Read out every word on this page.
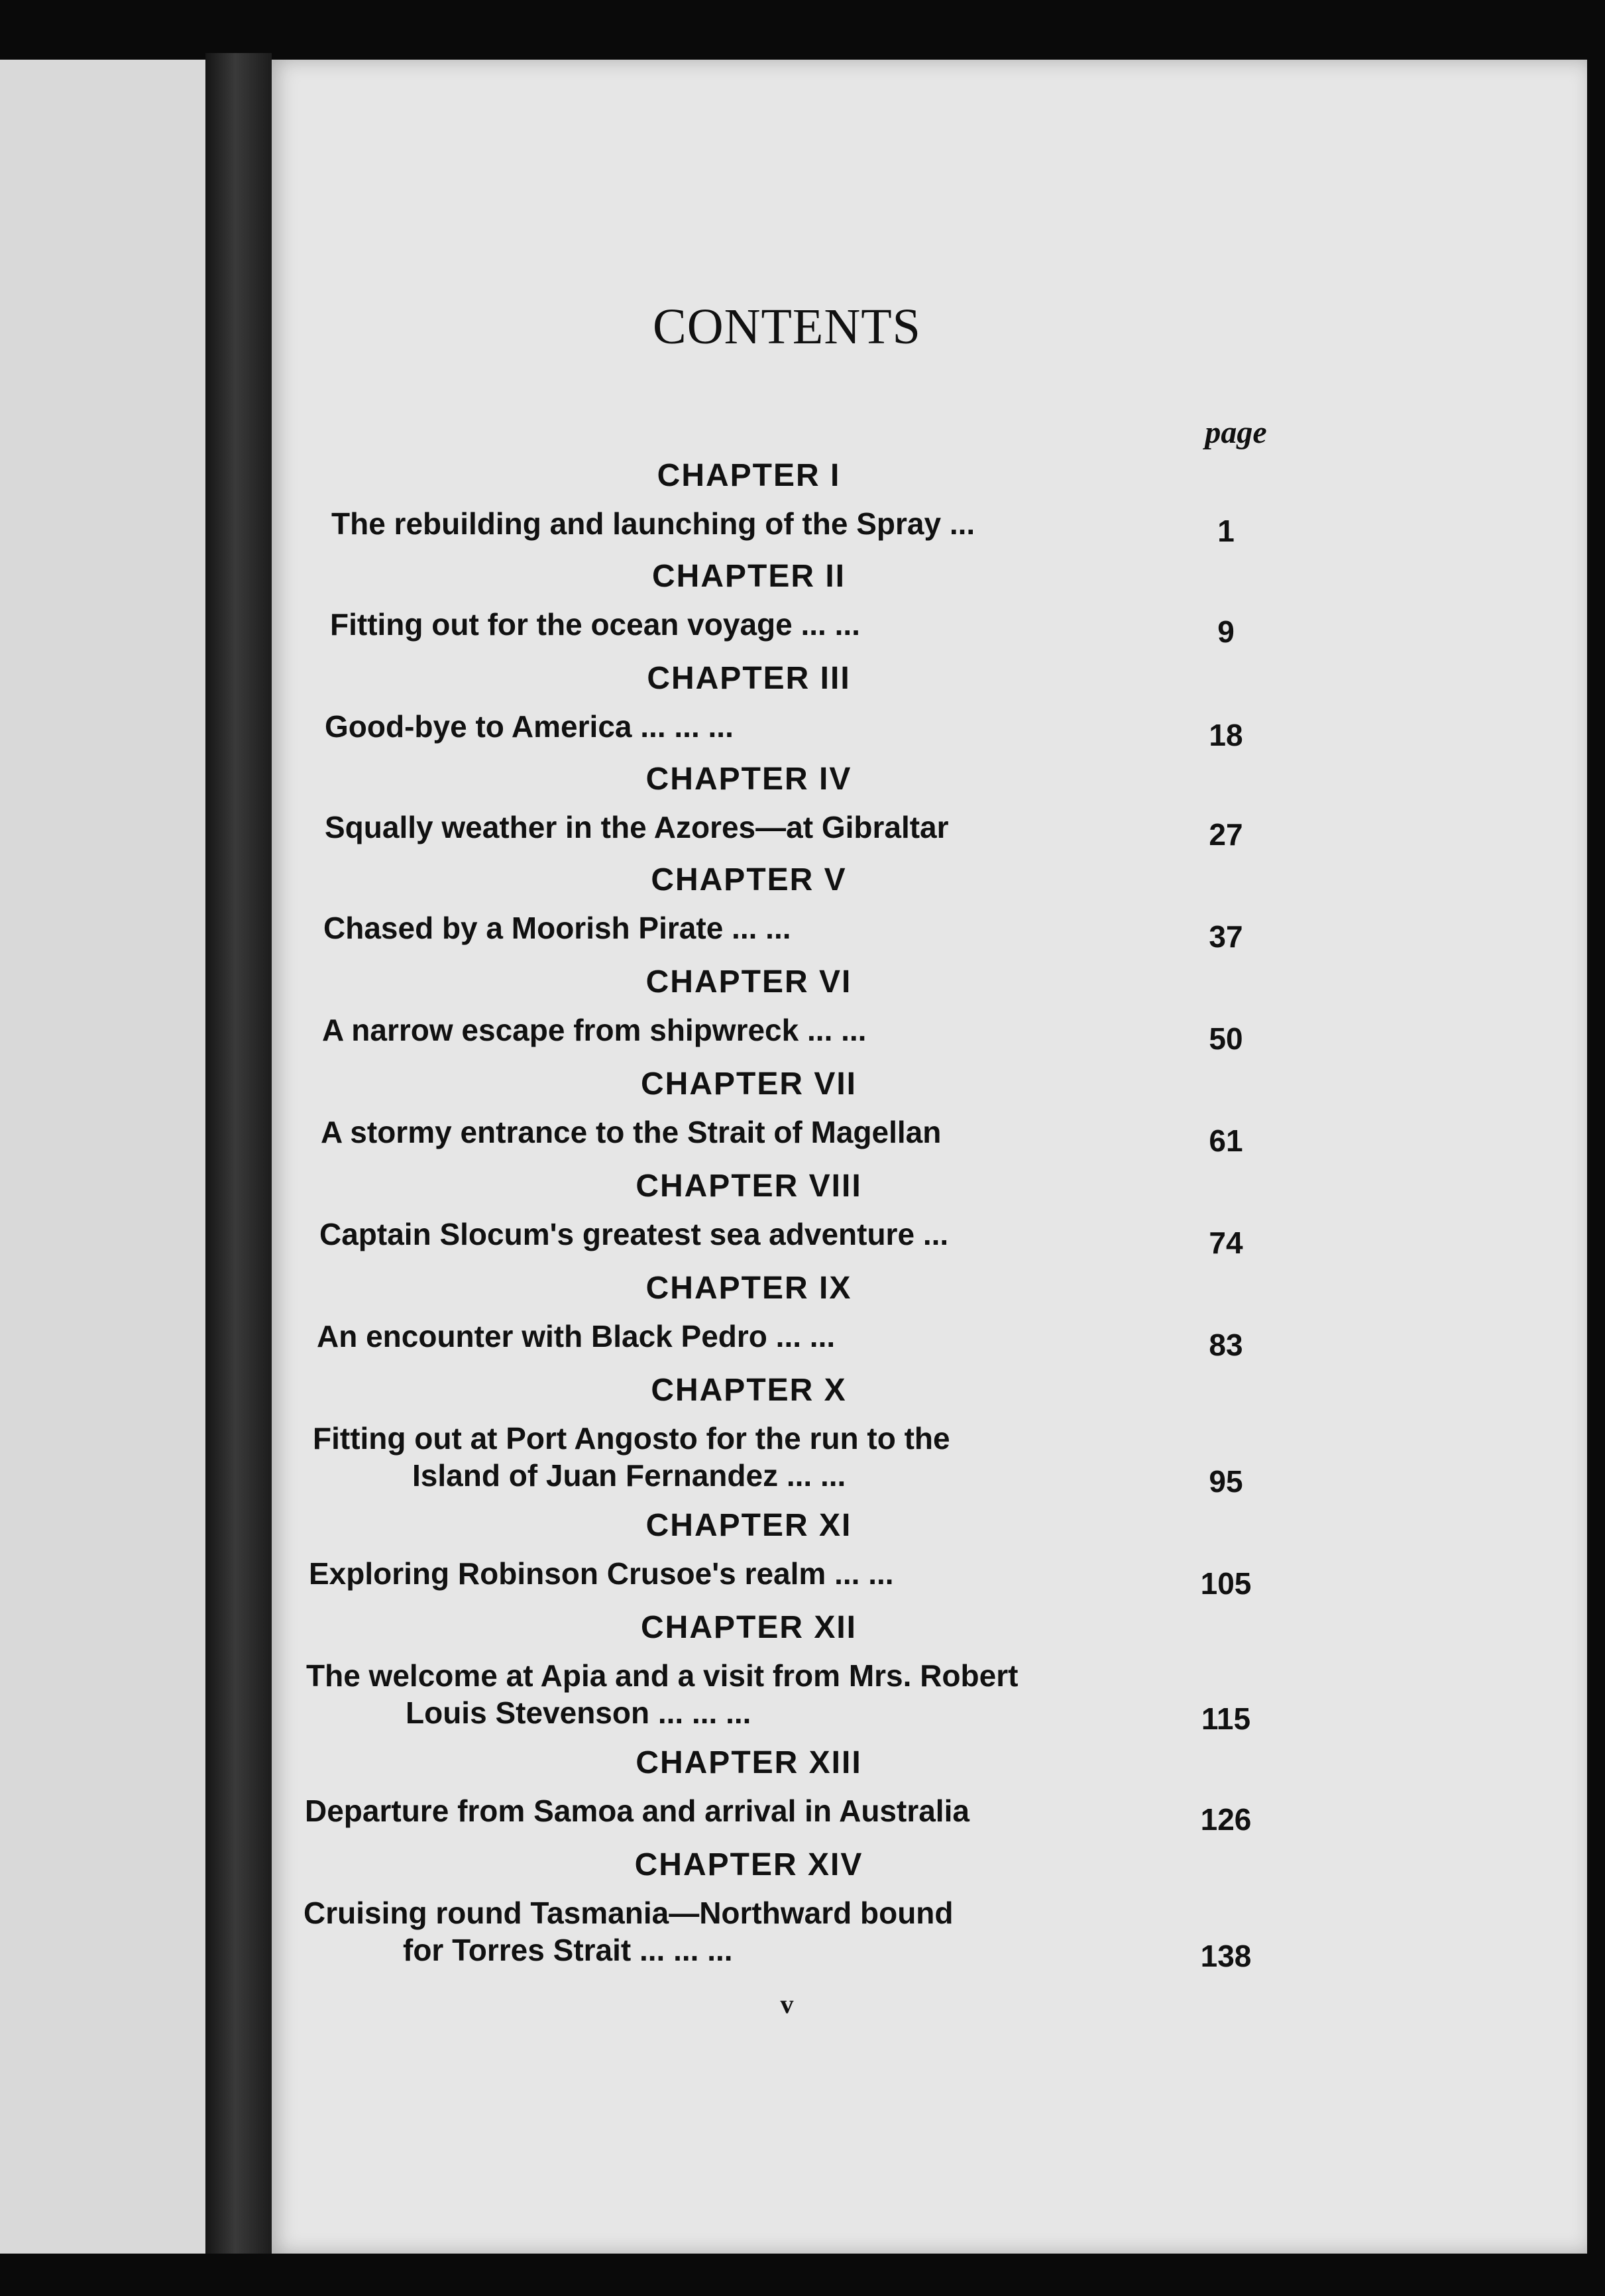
CONTENTS
page
CHAPTER I
The rebuilding and launching of the Spray ...	1
CHAPTER II
Fitting out for the ocean voyage ... ...	9
CHAPTER III
Good-bye to America ... ... ...	18
CHAPTER IV
Squally weather in the Azores—at Gibraltar	27
CHAPTER V
Chased by a Moorish Pirate ... ...	37
CHAPTER VI
A narrow escape from shipwreck ... ...	50
CHAPTER VII
A stormy entrance to the Strait of Magellan	61
CHAPTER VIII
Captain Slocum's greatest sea adventure ...	74
CHAPTER IX
An encounter with Black Pedro ... ...	83
CHAPTER X
Fitting out at Port Angosto for the run to the
Island of Juan Fernandez ... ...	95
CHAPTER XI
Exploring Robinson Crusoe's realm ... ...	105
CHAPTER XII
The welcome at Apia and a visit from Mrs. Robert
Louis Stevenson ... ... ...	115
CHAPTER XIII
Departure from Samoa and arrival in Australia	126
CHAPTER XIV
Cruising round Tasmania—Northward bound
for Torres Strait ... ... ...	138
v
